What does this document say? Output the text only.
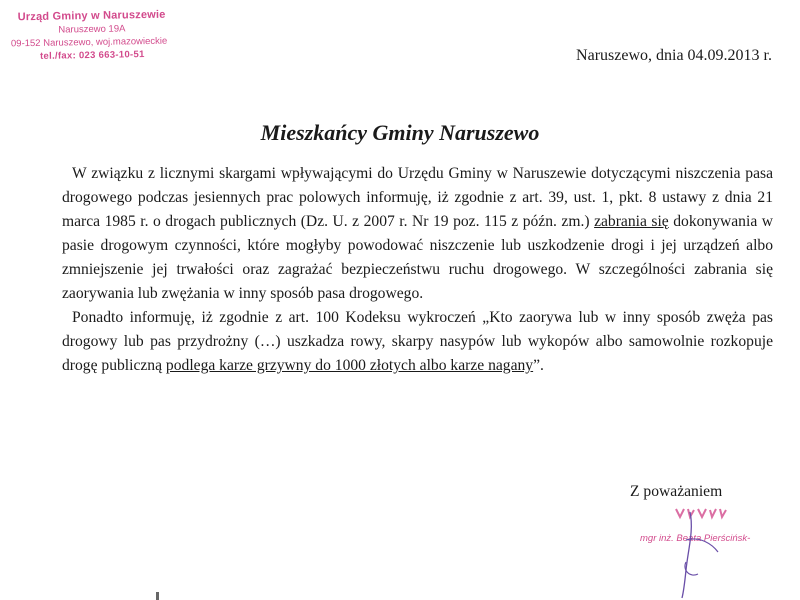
Urząd Gminy w Naruszewie
Naruszewo 19A
09-152 Naruszewo, woj.mazowieckie
tel./fax: 023 663-10-51	Naruszewo, dnia 04.09.2013 r.
Mieszkańcy Gminy Naruszewo

W związku z licznymi skargami wpływającymi do Urzędu Gminy w Naruszewie dotyczącymi niszczenia pasa drogowego podczas jesiennych prac polowych informuję, iż zgodnie z art. 39, ust. 1, pkt. 8 ustawy z dnia 21 marca 1985 r. o drogach publicznych (Dz. U. z 2007 r. Nr 19 poz. 115 z późn. zm.) zabrania się dokonywania w pasie drogowym czynności, które mogłyby powodować niszczenie lub uszkodzenie drogi i jej urządzeń albo zmniejszenie jej trwałości oraz zagrażać bezpieczeństwu ruchu drogowego. W szczególności zabrania się zaorywania lub zwężania w inny sposób pasa drogowego.

Ponadto informuję, iż zgodnie z art. 100 Kodeksu wykroczeń „Kto zaorywa lub w inny sposób zwęża pas drogowy lub pas przydrożny (…) uszkadza rowy, skarpy nasypów lub wykopów albo samowolnie rozkopuje drogę publiczną podlega karze grzywny do 1000 złotych albo karze nagany”.

Z poważaniem
mgr inż. Beata Pierścińsk-
